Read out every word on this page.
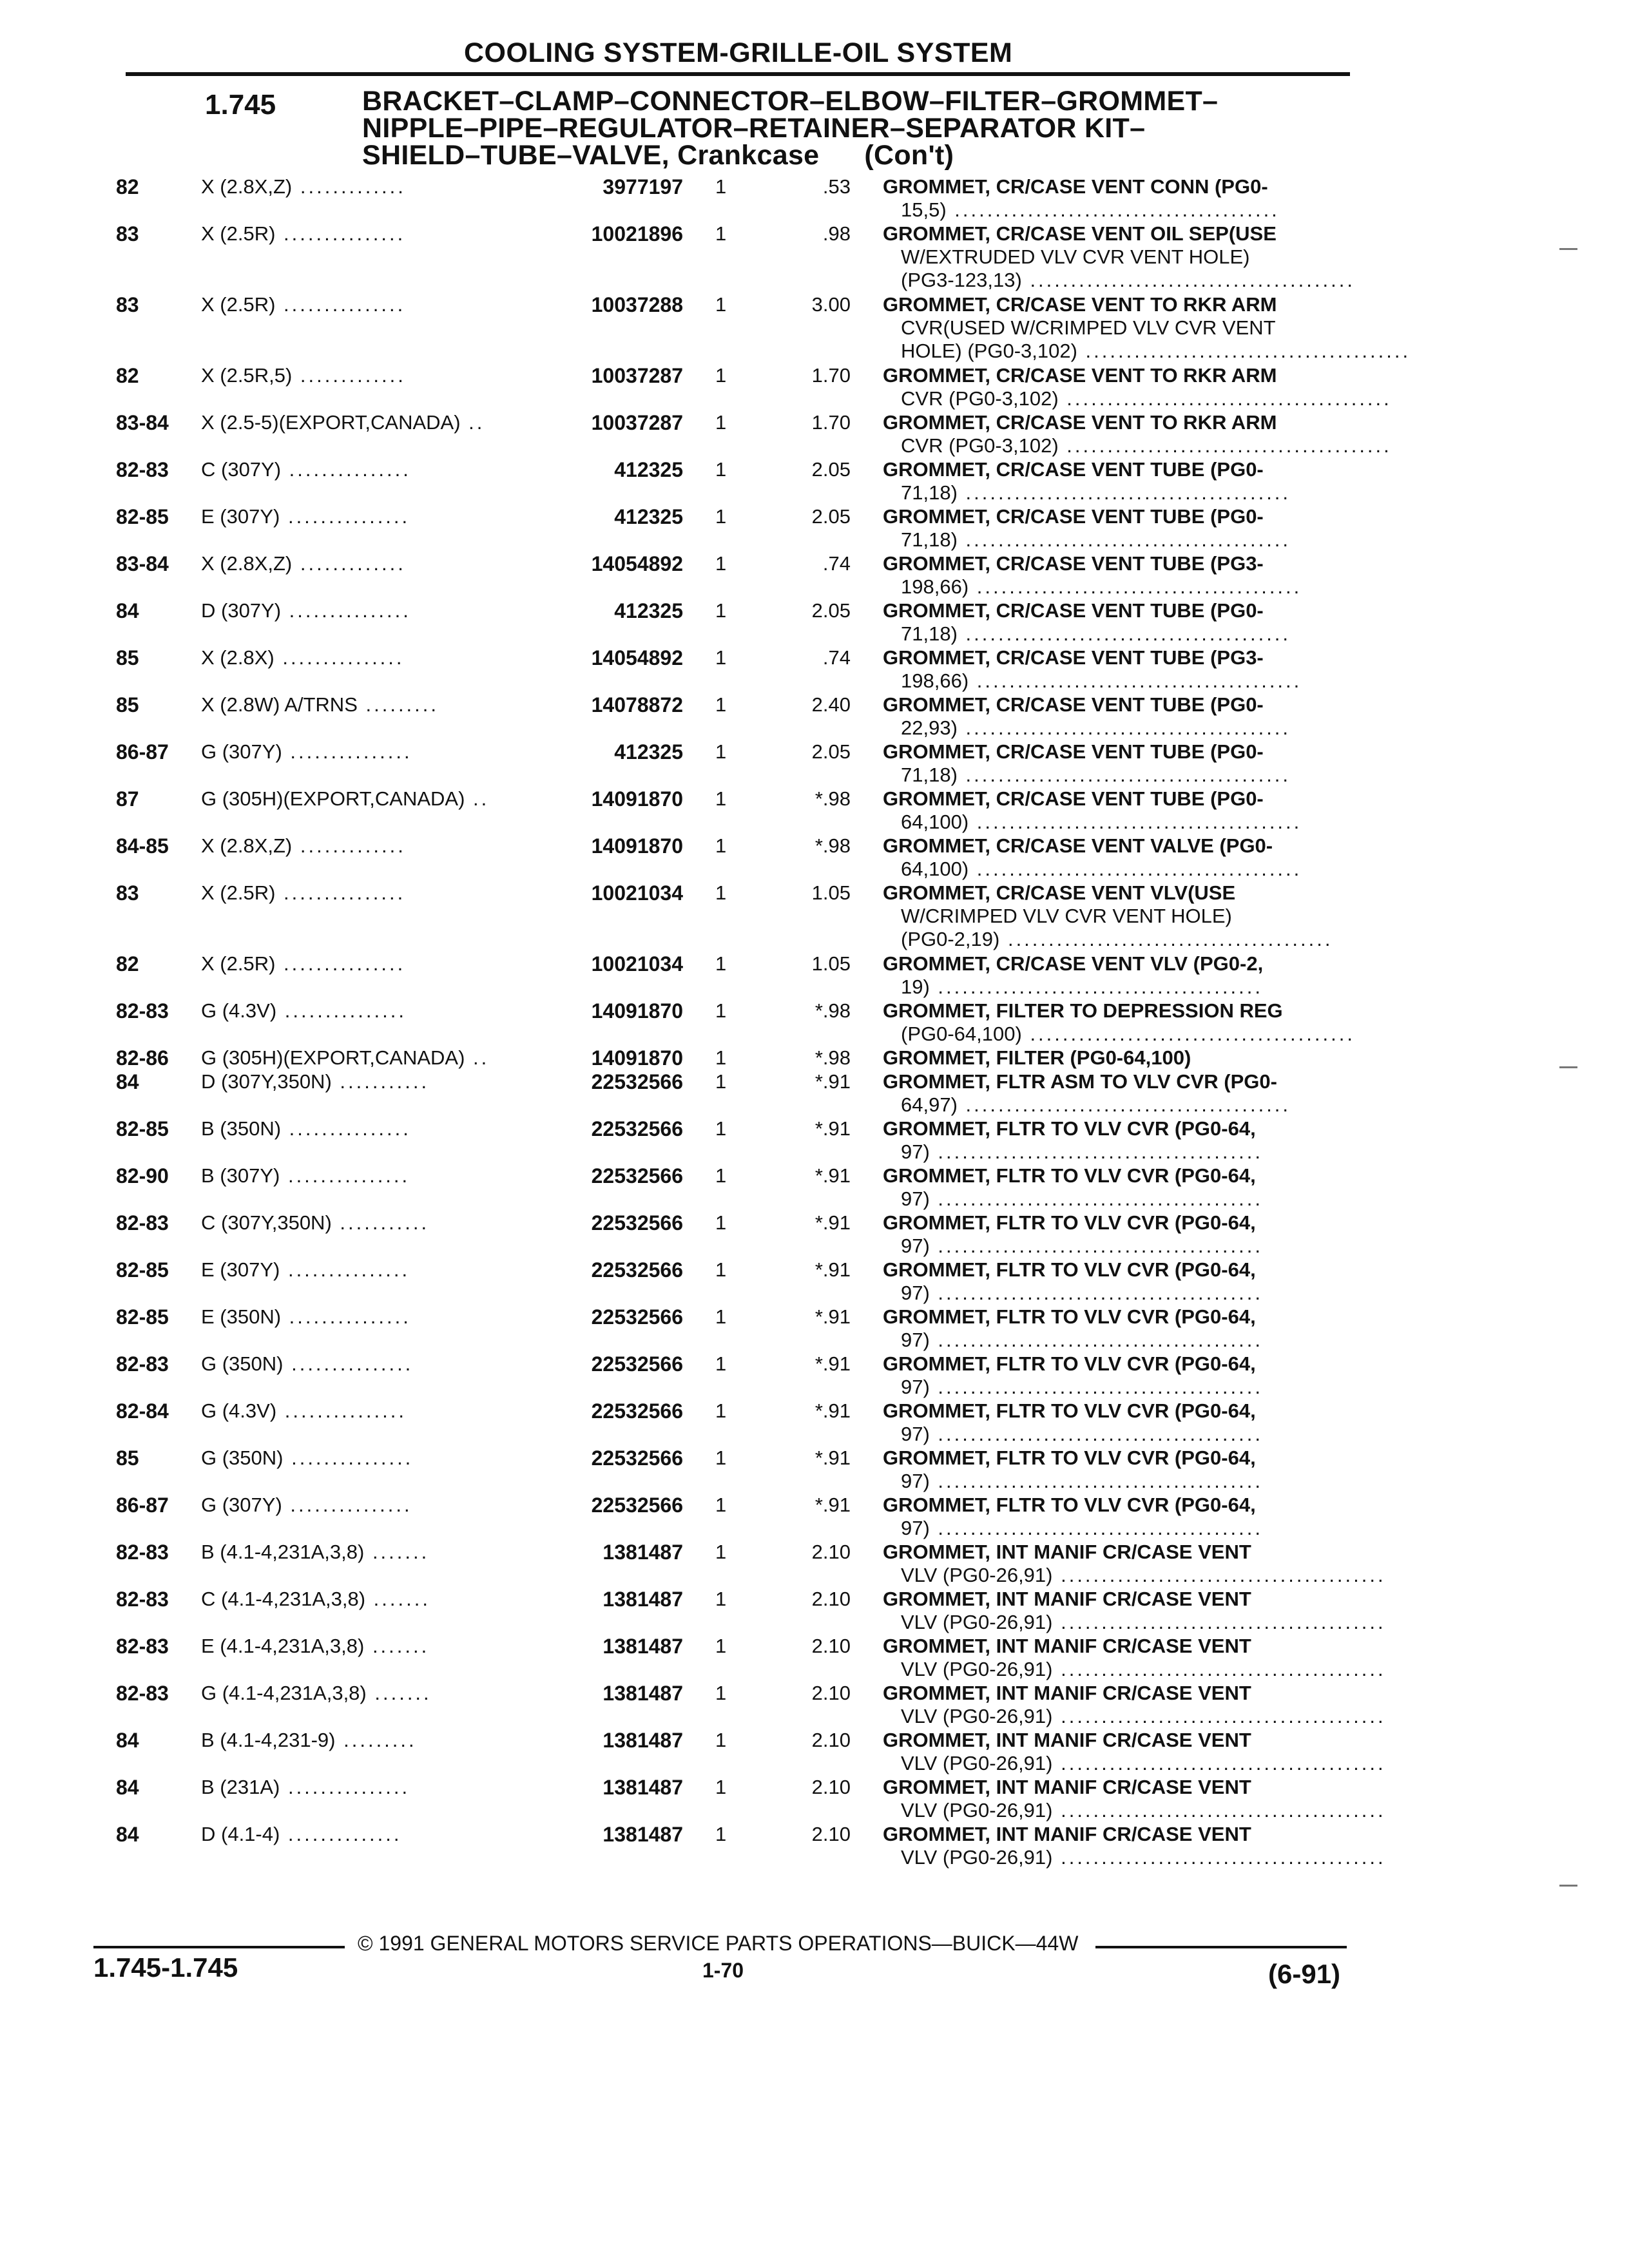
COOLING SYSTEM-GRILLE-OIL SYSTEM
1.745	BRACKET–CLAMP–CONNECTOR–ELBOW–FILTER–GROMMET–
NIPPLE–PIPE–REGULATOR–RETAINER–SEPARATOR KIT–
SHIELD–TUBE–VALVE, Crankcase (Con't)
82	X (2.8X,Z) .............	3977197 1	.53 GROMMET, CR/CASE VENT CONN (PG0-
15,5) ........................................
83	X (2.5R) ...............	10021896 1	.98 GROMMET, CR/CASE VENT OIL SEP(USE
W/EXTRUDED VLV CVR VENT HOLE)
(PG3-123,13) ........................................
83	X (2.5R) ...............	10037288 1	3.00 GROMMET, CR/CASE VENT TO RKR ARM
CVR(USED W/CRIMPED VLV CVR VENT
HOLE) (PG0-3,102) ........................................
82	X (2.5R,5) .............	10037287 1	1.70 GROMMET, CR/CASE VENT TO RKR ARM
CVR (PG0-3,102) ........................................
83-84 X (2.5-5)(EXPORT,CANADA) ..	10037287 1	1.70 GROMMET, CR/CASE VENT TO RKR ARM
CVR (PG0-3,102) ........................................
82-83 C (307Y) ...............	412325 1	2.05 GROMMET, CR/CASE VENT TUBE (PG0-
71,18) ........................................
82-85 E (307Y) ...............	412325 1	2.05 GROMMET, CR/CASE VENT TUBE (PG0-
71,18) ........................................
83-84 X (2.8X,Z) .............	14054892 1	.74 GROMMET, CR/CASE VENT TUBE (PG3-
198,66) ........................................
84	D (307Y) ...............	412325 1	2.05 GROMMET, CR/CASE VENT TUBE (PG0-
71,18) ........................................
85	X (2.8X) ...............	14054892 1	.74 GROMMET, CR/CASE VENT TUBE (PG3-
198,66) ........................................
85	X (2.8W) A/TRNS .........	14078872 1	2.40 GROMMET, CR/CASE VENT TUBE (PG0-
22,93) ........................................
86-87 G (307Y) ...............	412325 1	2.05 GROMMET, CR/CASE VENT TUBE (PG0-
71,18) ........................................
87	G (305H)(EXPORT,CANADA) ..	14091870 1	*.98 GROMMET, CR/CASE VENT TUBE (PG0-
64,100) ........................................
84-85 X (2.8X,Z) .............	14091870 1	*.98 GROMMET, CR/CASE VENT VALVE (PG0-
64,100) ........................................
83	X (2.5R) ...............	10021034 1	1.05 GROMMET, CR/CASE VENT VLV(USE
W/CRIMPED VLV CVR VENT HOLE)
(PG0-2,19) ........................................
82	X (2.5R) ...............	10021034 1	1.05 GROMMET, CR/CASE VENT VLV (PG0-2,
19) ........................................
82-83 G (4.3V) ...............	14091870 1	*.98 GROMMET, FILTER TO DEPRESSION REG
(PG0-64,100) ........................................
82-86 G (305H)(EXPORT,CANADA) ..	14091870 1	*.98 GROMMET, FILTER (PG0-64,100)
84	D (307Y,350N) ...........	22532566 1	*.91 GROMMET, FLTR ASM TO VLV CVR (PG0-
64,97) ........................................
82-85 B (350N) ...............	22532566 1	*.91 GROMMET, FLTR TO VLV CVR (PG0-64,
97) ........................................
82-90 B (307Y) ...............	22532566 1	*.91 GROMMET, FLTR TO VLV CVR (PG0-64,
97) ........................................
82-83 C (307Y,350N) ...........	22532566 1	*.91 GROMMET, FLTR TO VLV CVR (PG0-64,
97) ........................................
82-85 E (307Y) ...............	22532566 1	*.91 GROMMET, FLTR TO VLV CVR (PG0-64,
97) ........................................
82-85 E (350N) ...............	22532566 1	*.91 GROMMET, FLTR TO VLV CVR (PG0-64,
97) ........................................
82-83 G (350N) ...............	22532566 1	*.91 GROMMET, FLTR TO VLV CVR (PG0-64,
97) ........................................
82-84 G (4.3V) ...............	22532566 1	*.91 GROMMET, FLTR TO VLV CVR (PG0-64,
97) ........................................
85	G (350N) ...............	22532566 1	*.91 GROMMET, FLTR TO VLV CVR (PG0-64,
97) ........................................
86-87 G (307Y) ...............	22532566 1	*.91 GROMMET, FLTR TO VLV CVR (PG0-64,
97) ........................................
82-83 B (4.1-4,231A,3,8) .......	1381487 1	2.10 GROMMET, INT MANIF CR/CASE VENT
VLV (PG0-26,91) ........................................
82-83 C (4.1-4,231A,3,8) .......	1381487 1	2.10 GROMMET, INT MANIF CR/CASE VENT
VLV (PG0-26,91) ........................................
82-83 E (4.1-4,231A,3,8) .......	1381487 1	2.10 GROMMET, INT MANIF CR/CASE VENT
VLV (PG0-26,91) ........................................
82-83 G (4.1-4,231A,3,8) .......	1381487 1	2.10 GROMMET, INT MANIF CR/CASE VENT
VLV (PG0-26,91) ........................................
84	B (4.1-4,231-9) .........	1381487 1	2.10 GROMMET, INT MANIF CR/CASE VENT
VLV (PG0-26,91) ........................................
84	B (231A) ...............	1381487 1	2.10 GROMMET, INT MANIF CR/CASE VENT
VLV (PG0-26,91) ........................................
84	D (4.1-4) ..............	1381487 1	2.10 GROMMET, INT MANIF CR/CASE VENT
VLV (PG0-26,91) ........................................
© 1991 GENERAL MOTORS SERVICE PARTS OPERATIONS—BUICK—44W
1.745-1.745	1-70	(6-91)
